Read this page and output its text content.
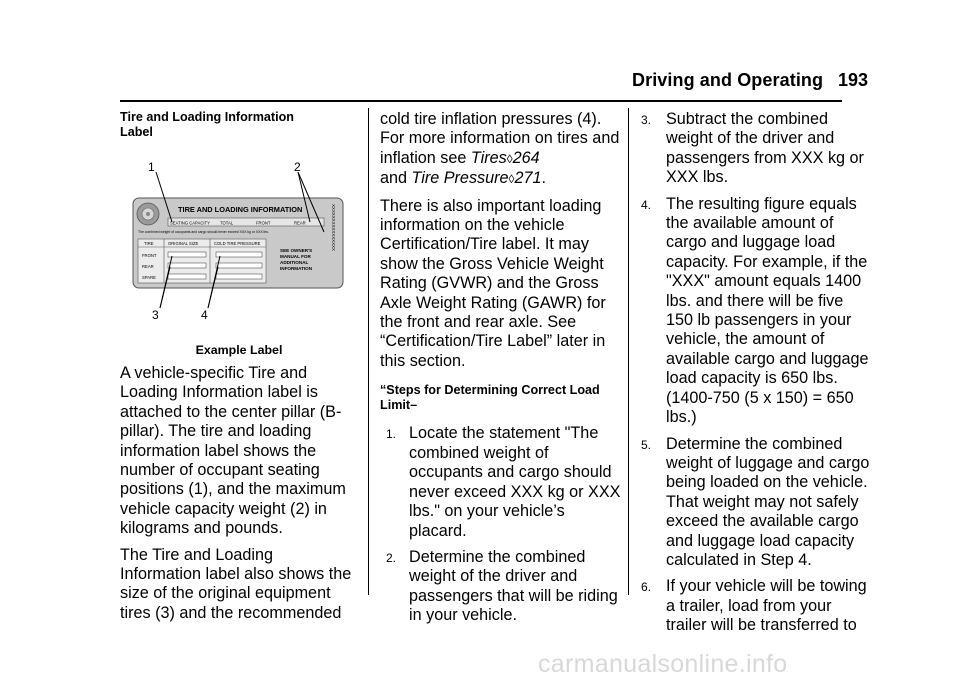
Driving and Operating 193
Tire and Loading Information Label
TIRE AND LOADING INFORMATION
SEATING CAPACITY TOTAL	FRONT	REAR
The combined weight of occupants and cargo should never exceed XXX kg or XXX lbs.
TIRE	ORIGINAL SIZE	COLD TIRE PRESSURE
FRONT
REAR
SPARE
SEE OWNER'S
MANUAL FOR
ADDITIONAL
INFORMATION
XXXXXXXXXXXXXXXX
1	2
3	4
Example Label

A vehicle-specific Tire and Loading Information label is attached to the center pillar (B-pillar). The tire and loading information label shows the number of occupant seating positions (1), and the maximum vehicle capacity weight (2) in kilograms and pounds.

The Tire and Loading Information label also shows the size of the original equipment tires (3) and the recommended

cold tire inflation pressures (4). For more information on tires and inflation see Tires◊264
and Tire Pressure◊271.

There is also important loading information on the vehicle Certification/Tire label. It may show the Gross Vehicle Weight Rating (GVWR) and the Gross Axle Weight Rating (GAWR) for the front and rear axle. See “Certification/Tire Label” later in this section.

“Steps for Determining Correct Load Limit–

1. Locate the statement "The combined weight of occupants and cargo should never exceed XXX kg or XXX lbs." on your vehicle’s placard.
2. Determine the combined weight of the driver and passengers that will be riding in your vehicle.
3. Subtract the combined weight of the driver and passengers from XXX kg or XXX lbs.
4. The resulting figure equals the available amount of cargo and luggage load capacity. For example, if the "XXX" amount equals 1400 lbs. and there will be five 150 lb passengers in your vehicle, the amount of available cargo and luggage load capacity is 650 lbs. (1400-750 (5 x 150) = 650 lbs.)
5. Determine the combined weight of luggage and cargo being loaded on the vehicle. That weight may not safely exceed the available cargo and luggage load capacity calculated in Step 4.
6. If your vehicle will be towing a trailer, load from your trailer will be transferred to
carmanualsonline.info
